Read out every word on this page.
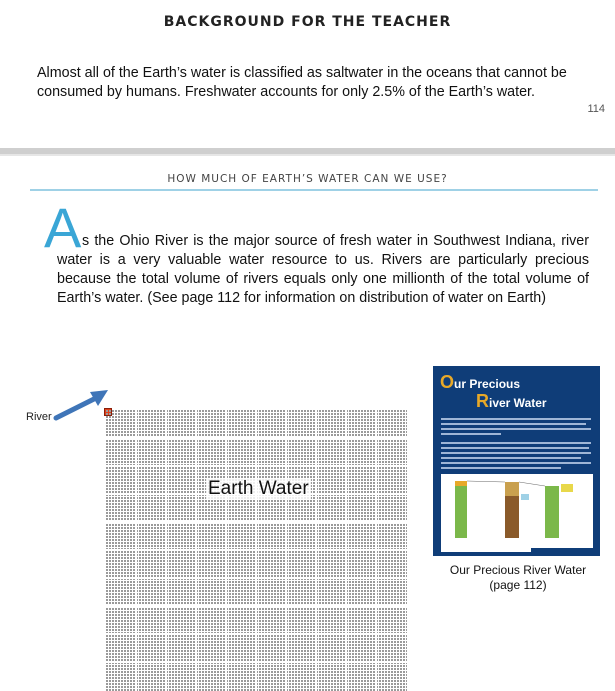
BACKGROUND FOR THE TEACHER
Almost all of the Earth’s water is classified as saltwater in the oceans that cannot be consumed by humans. Freshwater accounts for only 2.5% of the Earth’s water.
114
HOW MUCH OF EARTH’S WATER CAN WE USE?
A s the Ohio River is the major source of fresh water in Southwest Indiana, river water is a very valuable water resource to us. Rivers are particularly precious because the total volume of rivers equals only one millionth of the total volume of Earth’s water. (See page 112 for information on distribution of water on Earth)
River
Earth Water
Our Precious
River Water
Our Precious River Water
(page 112)
